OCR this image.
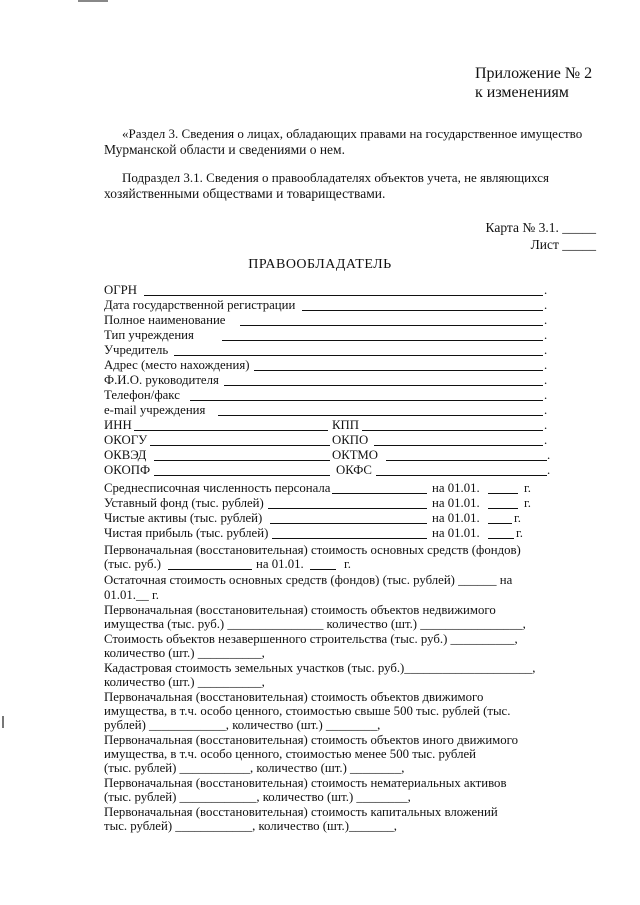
Приложение № 2
к изменениям
«Раздел 3. Сведения о лицах, обладающих правами на государственное имущество
Мурманской области и сведениями о нем.
Подраздел 3.1. Сведения о правообладателях объектов учета, не являющихся
хозяйственными обществами и товариществами.
Карта № 3.1. _____
Лист _____
ПРАВООБЛАДАТЕЛЬ
ОГРН	.
Дата государственной регистрации	.
Полное наименование	.
Тип учреждения	.
Учредитель	.
Адрес (место нахождения)	.
Ф.И.О. руководителя	.
Телефон/факс	.
e-mail учреждения	.
ИНН	КПП	.
ОКОГУ	ОКПО	.
ОКВЭД	ОКТМО	.
ОКОПФ	ОКФС	.
Среднесписочная численность персонала	на 01.01.	г.
Уставный фонд (тыс. рублей)	на 01.01.	г.
Чистые активы (тыс. рублей)	на 01.01.	г.
Чистая прибыль (тыс. рублей)	на 01.01.	г.
Первоначальная (восстановительная) стоимость основных средств (фондов)
(тыс. руб.)	на 01.01.	г.
Остаточная стоимость основных средств (фондов) (тыс. рублей) ______ на
01.01.__ г.
Первоначальная (восстановительная) стоимость объектов недвижимого
имущества (тыс. руб.) _______________ количество (шт.) ________________,
Стоимость объектов незавершенного строительства (тыс. руб.) __________,
количество (шт.) __________,
Кадастровая стоимость земельных участков (тыс. руб.)____________________,
количество (шт.) __________,
Первоначальная (восстановительная) стоимость объектов движимого
имущества, в т.ч. особо ценного, стоимостью свыше 500 тыс. рублей (тыс.
рублей) ____________, количество (шт.) ________,
Первоначальная (восстановительная) стоимость объектов иного движимого
имущества, в т.ч. особо ценного, стоимостью менее 500 тыс. рублей
(тыс. рублей) ___________, количество (шт.) ________,
Первоначальная (восстановительная) стоимость нематериальных активов
(тыс. рублей) ____________, количество (шт.) ________,
Первоначальная (восстановительная) стоимость капитальных вложений
тыс. рублей) ____________, количество (шт.)_______,
